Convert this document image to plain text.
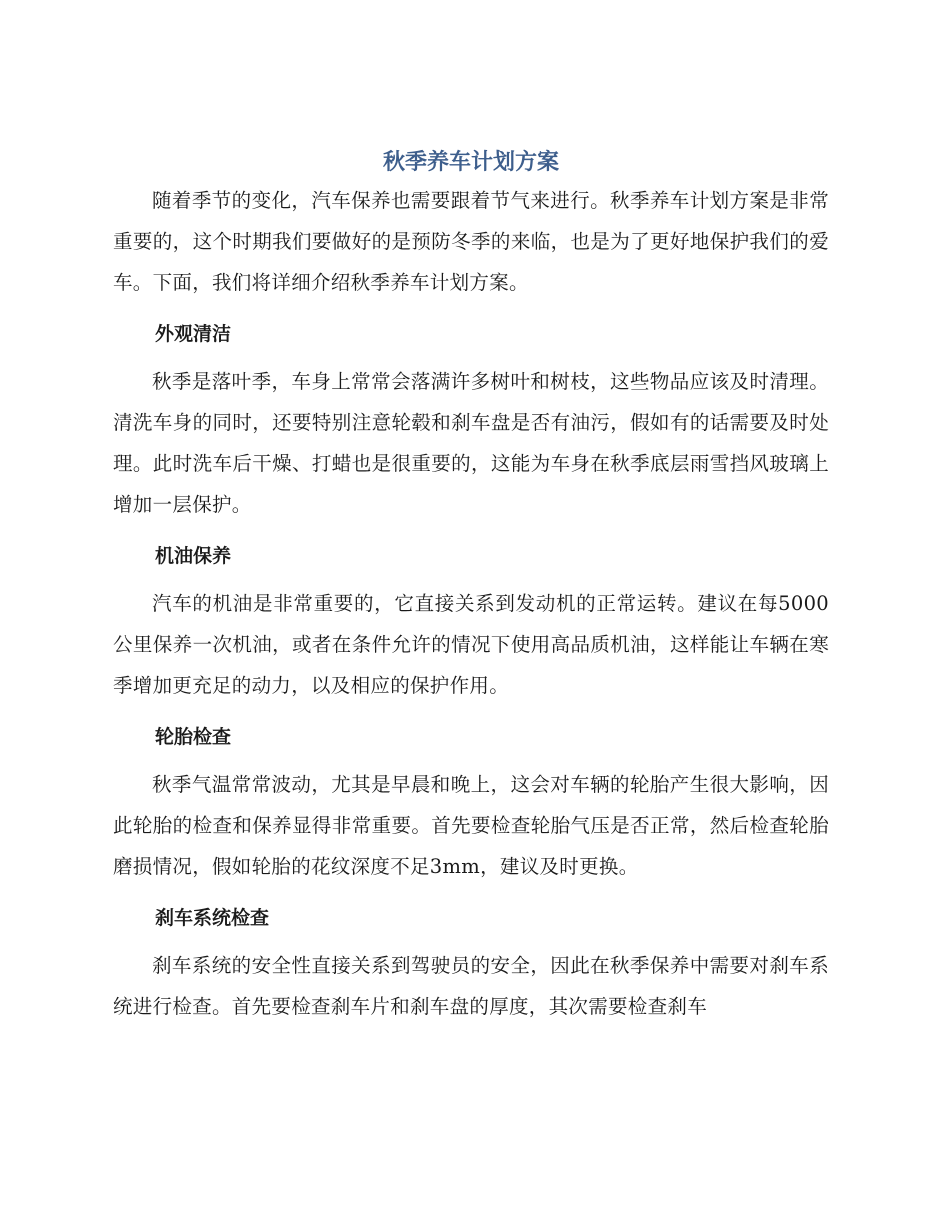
秋季养车计划方案

随着季节的变化，汽车保养也需要跟着节气来进行。秋季养车计划方案是非常重要的，这个时期我们要做好的是预防冬季的来临，也是为了更好地保护我们的爱车。下面，我们将详细介绍秋季养车计划方案。

外观清洁

秋季是落叶季，车身上常常会落满许多树叶和树枝，这些物品应该及时清理。清洗车身的同时，还要特别注意轮毂和刹车盘是否有油污，假如有的话需要及时处理。此时洗车后干燥、打蜡也是很重要的，这能为车身在秋季底层雨雪挡风玻璃上增加一层保护。

机油保养

汽车的机油是非常重要的，它直接关系到发动机的正常运转。建议在每5000公里保养一次机油，或者在条件允许的情况下使用高品质机油，这样能让车辆在寒季增加更充足的动力，以及相应的保护作用。

轮胎检查

秋季气温常常波动，尤其是早晨和晚上，这会对车辆的轮胎产生很大影响，因此轮胎的检查和保养显得非常重要。首先要检查轮胎气压是否正常，然后检查轮胎磨损情况，假如轮胎的花纹深度不足3mm，建议及时更换。

刹车系统检查

刹车系统的安全性直接关系到驾驶员的安全，因此在秋季保养中需要对刹车系统进行检查。首先要检查刹车片和刹车盘的厚度，其次需要检查刹车
